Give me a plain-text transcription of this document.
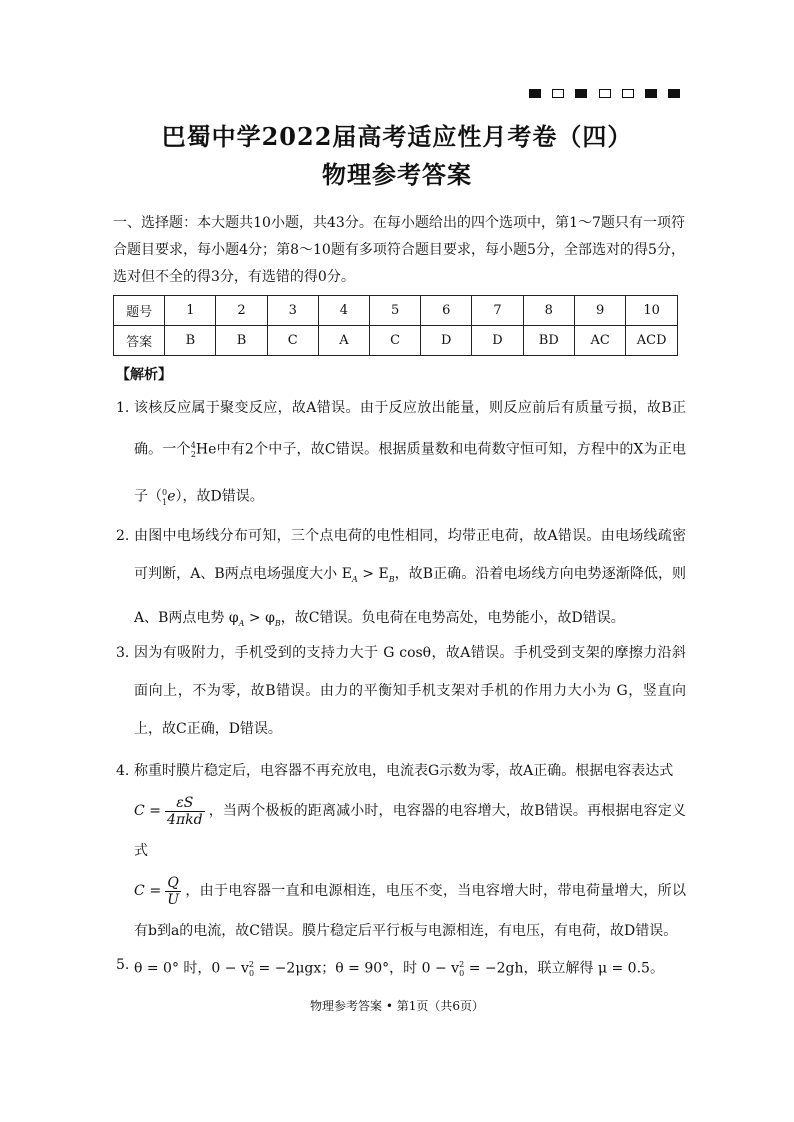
巴蜀中学2022届高考适应性月考卷（四）
物理参考答案

一、选择题：本大题共10小题，共43分。在每小题给出的四个选项中，第1～7题只有一项符合题目要求，每小题4分；第8～10题有多项符合题目要求，每小题5分，全部选对的得5分，选对但不全的得3分，有选错的得0分。

题号	1	2	3	4	5	6	7	8	9	10
答案	B	B	C	A	C	D	D	BD	AC	ACD
【解析】
1. 该核反应属于聚变反应，故A错误。由于反应放出能量，则反应前后有质量亏损，故B正确。一个$^4_2$He中有2个中子，故C错误。根据质量数和电荷数守恒可知，方程中的X为正电子（$^0_1$e），故D错误。

2. 由图中电场线分布可知，三个点电荷的电性相同，均带正电荷，故A错误。由电场线疏密可判断，A、B两点电场强度大小 $E_A > E_B$，故B正确。沿着电场线方向电势逐渐降低，则A、B两点电势 $\varphi_A > \varphi_B$，故C错误。负电荷在电势高处，电势能小，故D错误。

3. 因为有吸附力，手机受到的支持力大于 G cosθ，故A错误。手机受到支架的摩擦力沿斜面向上，不为零，故B错误。由力的平衡知手机支架对手机的作用力大小为 G，竖直向上，故C正确，D错误。

4. 称重时膜片稳定后，电容器不再充放电，电流表G示数为零，故A正确。根据电容表达式
$C = \frac{\varepsilon S}{\text{4πkd}}$ ，当两个极板的距离减小时，电容器的电容增大，故B错误。再根据电容定义式
$C = \frac{Q}{U}$ ，由于电容器一直和电源相连，电压不变，当电容增大时，带电荷量增大，所以有b到a的电流，故C错误。膜片稳定后平行板与电源相连，有电压，有电荷，故D错误。

5. θ = 0° 时，$0 - v^2_0 = -2\mu gx$；θ = 90°，时 $0 - v^2_0 = -2gh$，联立解得 μ = 0.5。

物理参考答案 • 第1页（共6页）
